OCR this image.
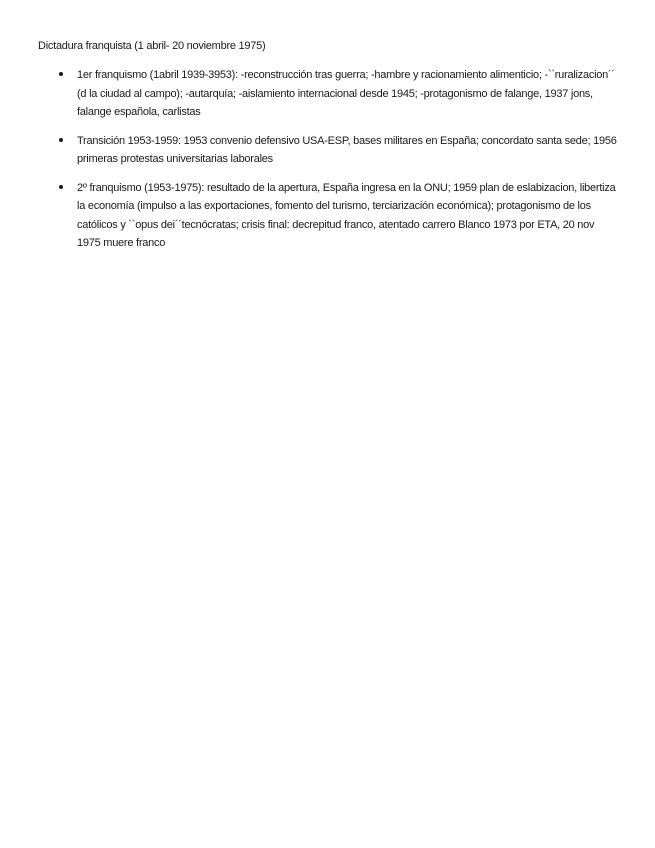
Dictadura franquista (1 abril- 20 noviembre 1975)
1er franquismo (1abril 1939-3953): -reconstrucción tras guerra; -hambre y racionamiento alimenticio; -``ruralizacion´´ (d la ciudad al campo); -autarquía; -aislamiento internacional desde 1945; -protagonismo de falange, 1937 jons, falange española, carlistas
Transición 1953-1959: 1953 convenio defensivo USA-ESP, bases militares en España; concordato santa sede; 1956 primeras protestas universitarias laborales
2º franquismo (1953-1975): resultado de la apertura, España ingresa en la ONU; 1959 plan de eslabizacion, libertiza la economía (impulso a las exportaciones, fomento del turismo, terciarización económica); protagonismo de los católicos y ``opus dei´´tecnócratas; crisis final: decrepitud franco, atentado carrero Blanco 1973 por ETA, 20 nov 1975 muere franco
